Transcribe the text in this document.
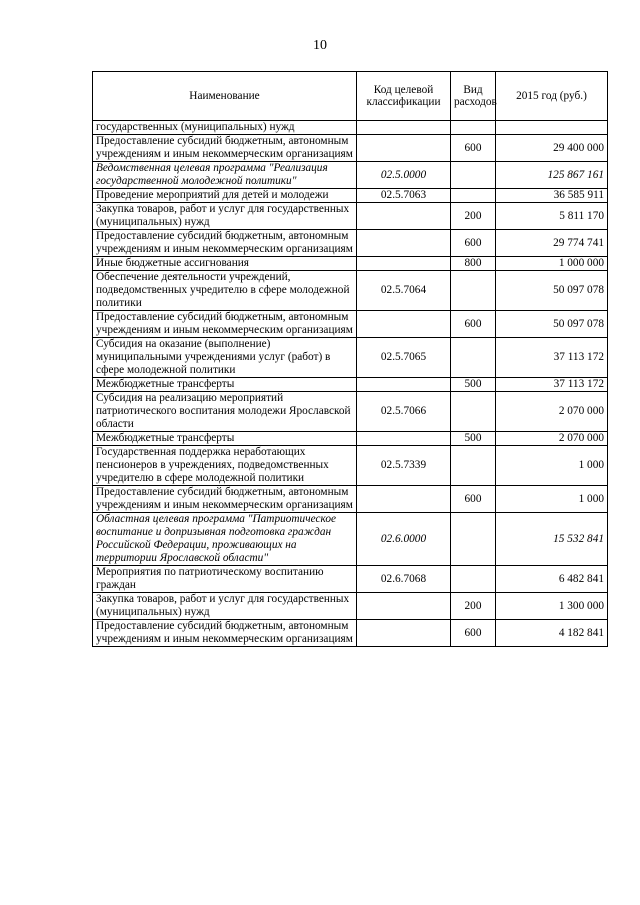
10
Наименование	Код целевой классификации	Вид расходов	2015 год (руб.)
государственных (муниципальных) нужд			
Предоставление субсидий бюджетным, автономным учреждениям и иным некоммерческим организациям		600	29 400 000
Ведомственная целевая программа "Реализация государственной молодежной политики"	02.5.0000		125 867 161
Проведение мероприятий для детей и молодежи	02.5.7063		36 585 911
Закупка товаров, работ и услуг для государственных (муниципальных) нужд		200	5 811 170
Предоставление субсидий бюджетным, автономным учреждениям и иным некоммерческим организациям		600	29 774 741
Иные бюджетные ассигнования		800	1 000 000
Обеспечение деятельности учреждений, подведомственных учредителю в сфере молодежной политики	02.5.7064		50 097 078
Предоставление субсидий бюджетным, автономным учреждениям и иным некоммерческим организациям		600	50 097 078
Субсидия на оказание (выполнение) муниципальными учреждениями услуг (работ) в сфере молодежной политики	02.5.7065		37 113 172
Межбюджетные трансферты		500	37 113 172
Субсидия на реализацию мероприятий патриотического воспитания молодежи Ярославской области	02.5.7066		2 070 000
Межбюджетные трансферты		500	2 070 000
Государственная поддержка неработающих пенсионеров в учреждениях, подведомственных учредителю в сфере молодежной политики	02.5.7339		1 000
Предоставление субсидий бюджетным, автономным учреждениям и иным некоммерческим организациям		600	1 000
Областная целевая программа "Патриотическое воспитание и допризывная подготовка граждан Российской Федерации, проживающих на территории Ярославской области"	02.6.0000		15 532 841
Мероприятия по патриотическому воспитанию граждан	02.6.7068		6 482 841
Закупка товаров, работ и услуг для государственных (муниципальных) нужд		200	1 300 000
Предоставление субсидий бюджетным, автономным учреждениям и иным некоммерческим организациям		600	4 182 841
